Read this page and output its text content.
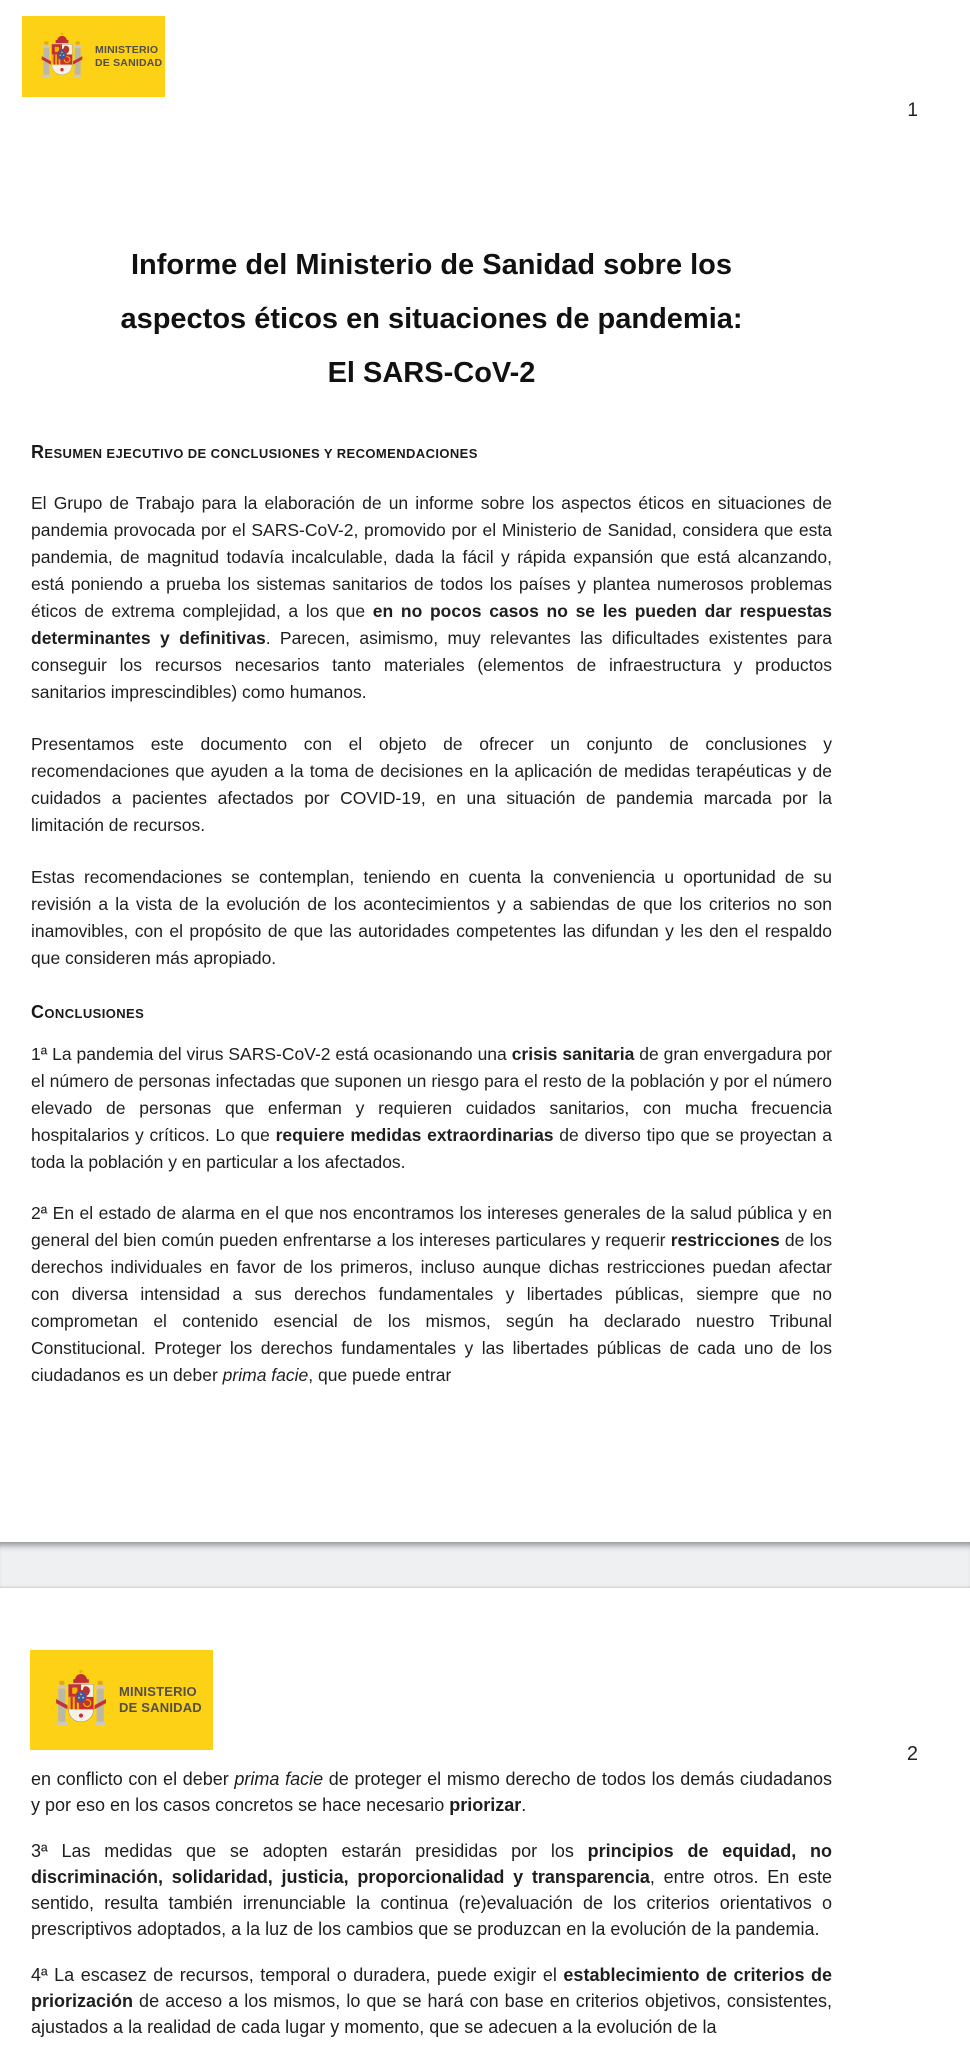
MINISTERIO
DE SANIDAD
1
Informe del Ministerio de Sanidad sobre los
aspectos éticos en situaciones de pandemia:
El SARS-CoV-2
RESUMEN EJECUTIVO DE CONCLUSIONES Y RECOMENDACIONES

El Grupo de Trabajo para la elaboración de un informe sobre los aspectos éticos en situaciones de pandemia provocada por el SARS-CoV-2, promovido por el Ministerio de Sanidad, considera que esta pandemia, de magnitud todavía incalculable, dada la fácil y rápida expansión que está alcanzando, está poniendo a prueba los sistemas sanitarios de todos los países y plantea numerosos problemas éticos de extrema complejidad, a los que en no pocos casos no se les pueden dar respuestas determinantes y definitivas. Parecen, asimismo, muy relevantes las dificultades existentes para conseguir los recursos necesarios tanto materiales (elementos de infraestructura y productos sanitarios imprescindibles) como humanos.

Presentamos este documento con el objeto de ofrecer un conjunto de conclusiones y recomendaciones que ayuden a la toma de decisiones en la aplicación de medidas terapéuticas y de cuidados a pacientes afectados por COVID-19, en una situación de pandemia marcada por la limitación de recursos.

Estas recomendaciones se contemplan, teniendo en cuenta la conveniencia u oportunidad de su revisión a la vista de la evolución de los acontecimientos y a sabiendas de que los criterios no son inamovibles, con el propósito de que las autoridades competentes las difundan y les den el respaldo que consideren más apropiado.

CONCLUSIONES

1ª La pandemia del virus SARS-CoV-2 está ocasionando una crisis sanitaria de gran envergadura por el número de personas infectadas que suponen un riesgo para el resto de la población y por el número elevado de personas que enferman y requieren cuidados sanitarios, con mucha frecuencia hospitalarios y críticos. Lo que requiere medidas extraordinarias de diverso tipo que se proyectan a toda la población y en particular a los afectados.

2ª En el estado de alarma en el que nos encontramos los intereses generales de la salud pública y en general del bien común pueden enfrentarse a los intereses particulares y requerir restricciones de los derechos individuales en favor de los primeros, incluso aunque dichas restricciones puedan afectar con diversa intensidad a sus derechos fundamentales y libertades públicas, siempre que no comprometan el contenido esencial de los mismos, según ha declarado nuestro Tribunal Constitucional. Proteger los derechos fundamentales y las libertades públicas de cada uno de los ciudadanos es un deber prima facie, que puede entrar

MINISTERIO
DE SANIDAD
2

en conflicto con el deber prima facie de proteger el mismo derecho de todos los demás ciudadanos y por eso en los casos concretos se hace necesario priorizar.

3ª Las medidas que se adopten estarán presididas por los principios de equidad, no discriminación, solidaridad, justicia, proporcionalidad y transparencia, entre otros. En este sentido, resulta también irrenunciable la continua (re)evaluación de los criterios orientativos o prescriptivos adoptados, a la luz de los cambios que se produzcan en la evolución de la pandemia.

4ª La escasez de recursos, temporal o duradera, puede exigir el establecimiento de criterios de priorización de acceso a los mismos, lo que se hará con base en criterios objetivos, consistentes, ajustados a la realidad de cada lugar y momento, que se adecuen a la evolución de la
